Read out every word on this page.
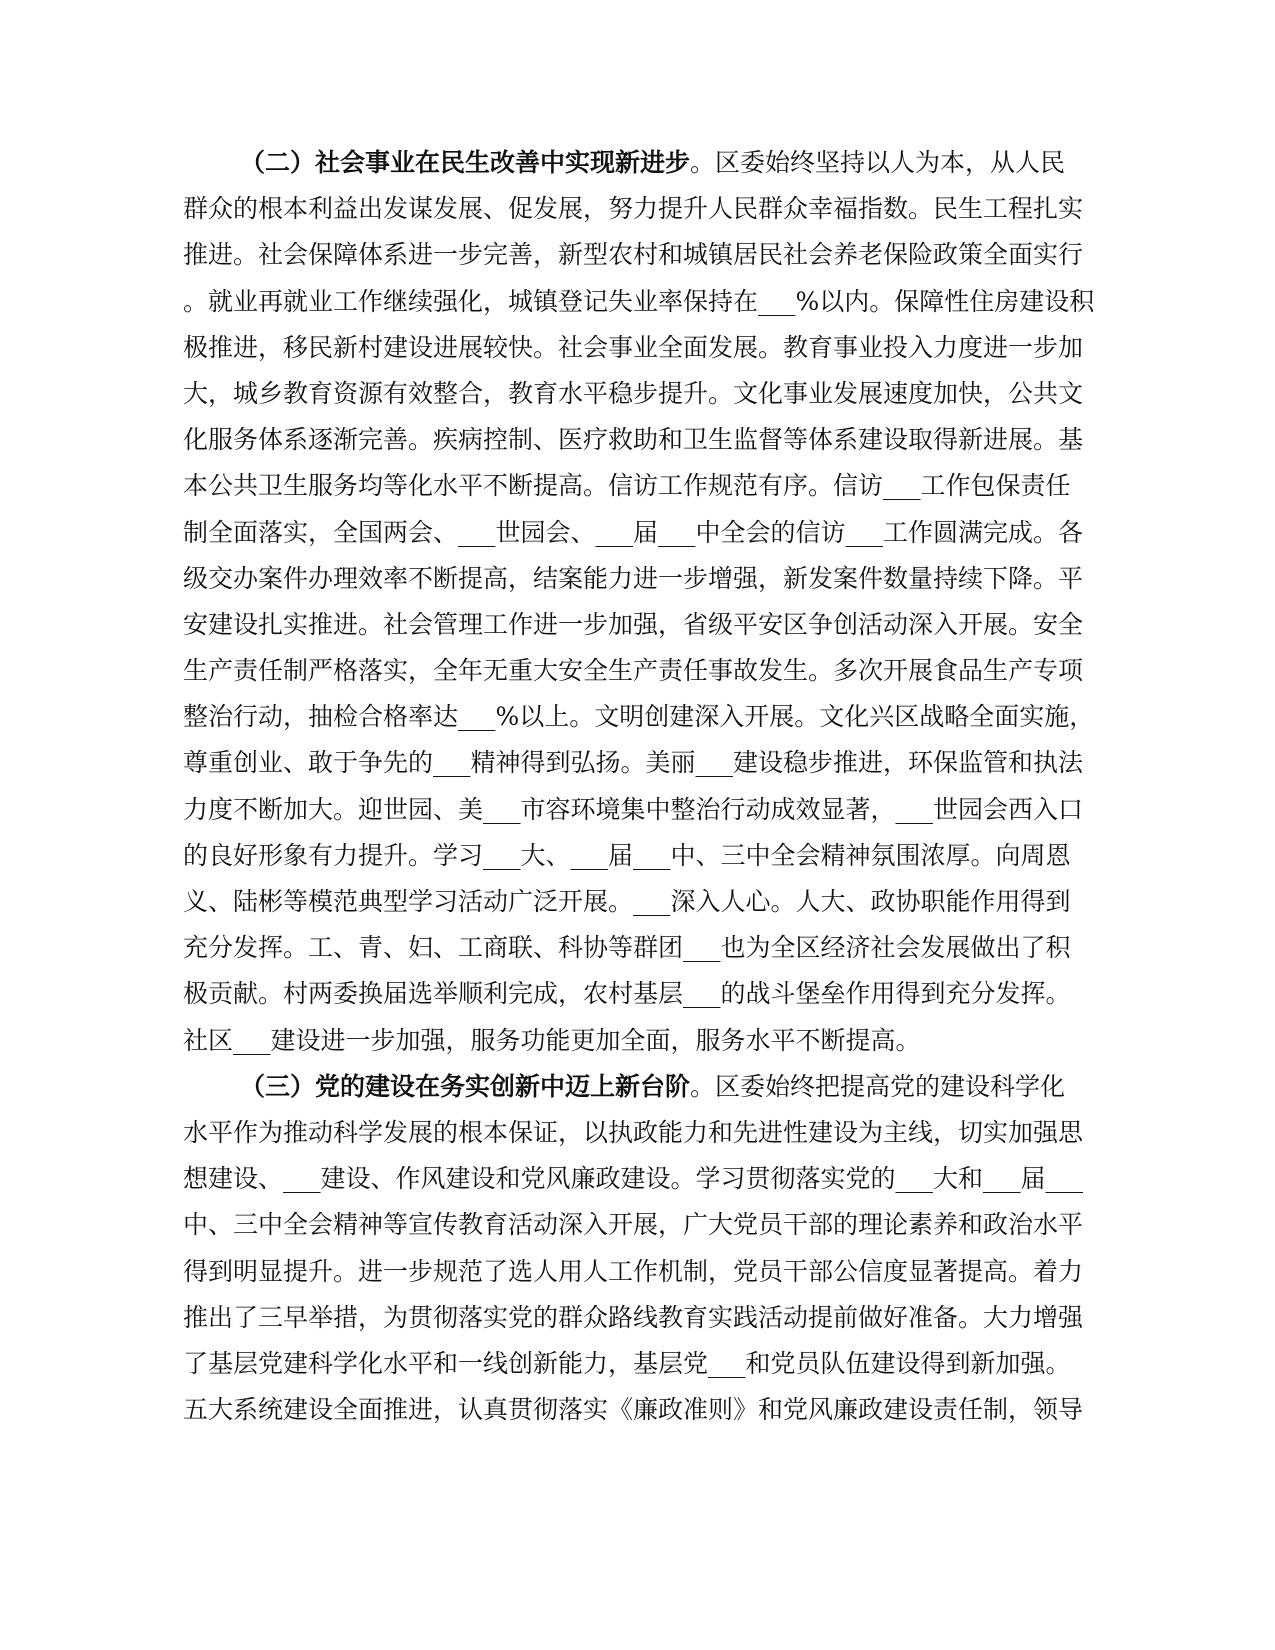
（二）社会事业在民生改善中实现新进步。区委始终坚持以人为本，从人民
群众的根本利益出发谋发展、促发展，努力提升人民群众幸福指数。民生工程扎实
推进。社会保障体系进一步完善，新型农村和城镇居民社会养老保险政策全面实行
。就业再就业工作继续强化，城镇登记失业率保持在___%以内。保障性住房建设积
极推进，移民新村建设进展较快。社会事业全面发展。教育事业投入力度进一步加
大，城乡教育资源有效整合，教育水平稳步提升。文化事业发展速度加快，公共文
化服务体系逐渐完善。疾病控制、医疗救助和卫生监督等体系建设取得新进展。基
本公共卫生服务均等化水平不断提高。信访工作规范有序。信访___工作包保责任
制全面落实，全国两会、___世园会、___届___中全会的信访___工作圆满完成。各
级交办案件办理效率不断提高，结案能力进一步增强，新发案件数量持续下降。平
安建设扎实推进。社会管理工作进一步加强，省级平安区争创活动深入开展。安全
生产责任制严格落实，全年无重大安全生产责任事故发生。多次开展食品生产专项
整治行动，抽检合格率达___%以上。文明创建深入开展。文化兴区战略全面实施，
尊重创业、敢于争先的___精神得到弘扬。美丽___建设稳步推进，环保监管和执法
力度不断加大。迎世园、美___市容环境集中整治行动成效显著，___世园会西入口
的良好形象有力提升。学习___大、___届___中、三中全会精神氛围浓厚。向周恩
义、陆彬等模范典型学习活动广泛开展。___深入人心。人大、政协职能作用得到
充分发挥。工、青、妇、工商联、科协等群团___也为全区经济社会发展做出了积
极贡献。村两委换届选举顺利完成，农村基层___的战斗堡垒作用得到充分发挥。
社区___建设进一步加强，服务功能更加全面，服务水平不断提高。
（三）党的建设在务实创新中迈上新台阶。区委始终把提高党的建设科学化
水平作为推动科学发展的根本保证，以执政能力和先进性建设为主线，切实加强思
想建设、___建设、作风建设和党风廉政建设。学习贯彻落实党的___大和___届___
中、三中全会精神等宣传教育活动深入开展，广大党员干部的理论素养和政治水平
得到明显提升。进一步规范了选人用人工作机制，党员干部公信度显著提高。着力
推出了三早举措，为贯彻落实党的群众路线教育实践活动提前做好准备。大力增强
了基层党建科学化水平和一线创新能力，基层党___和党员队伍建设得到新加强。
五大系统建设全面推进，认真贯彻落实《廉政准则》和党风廉政建设责任制，领导
